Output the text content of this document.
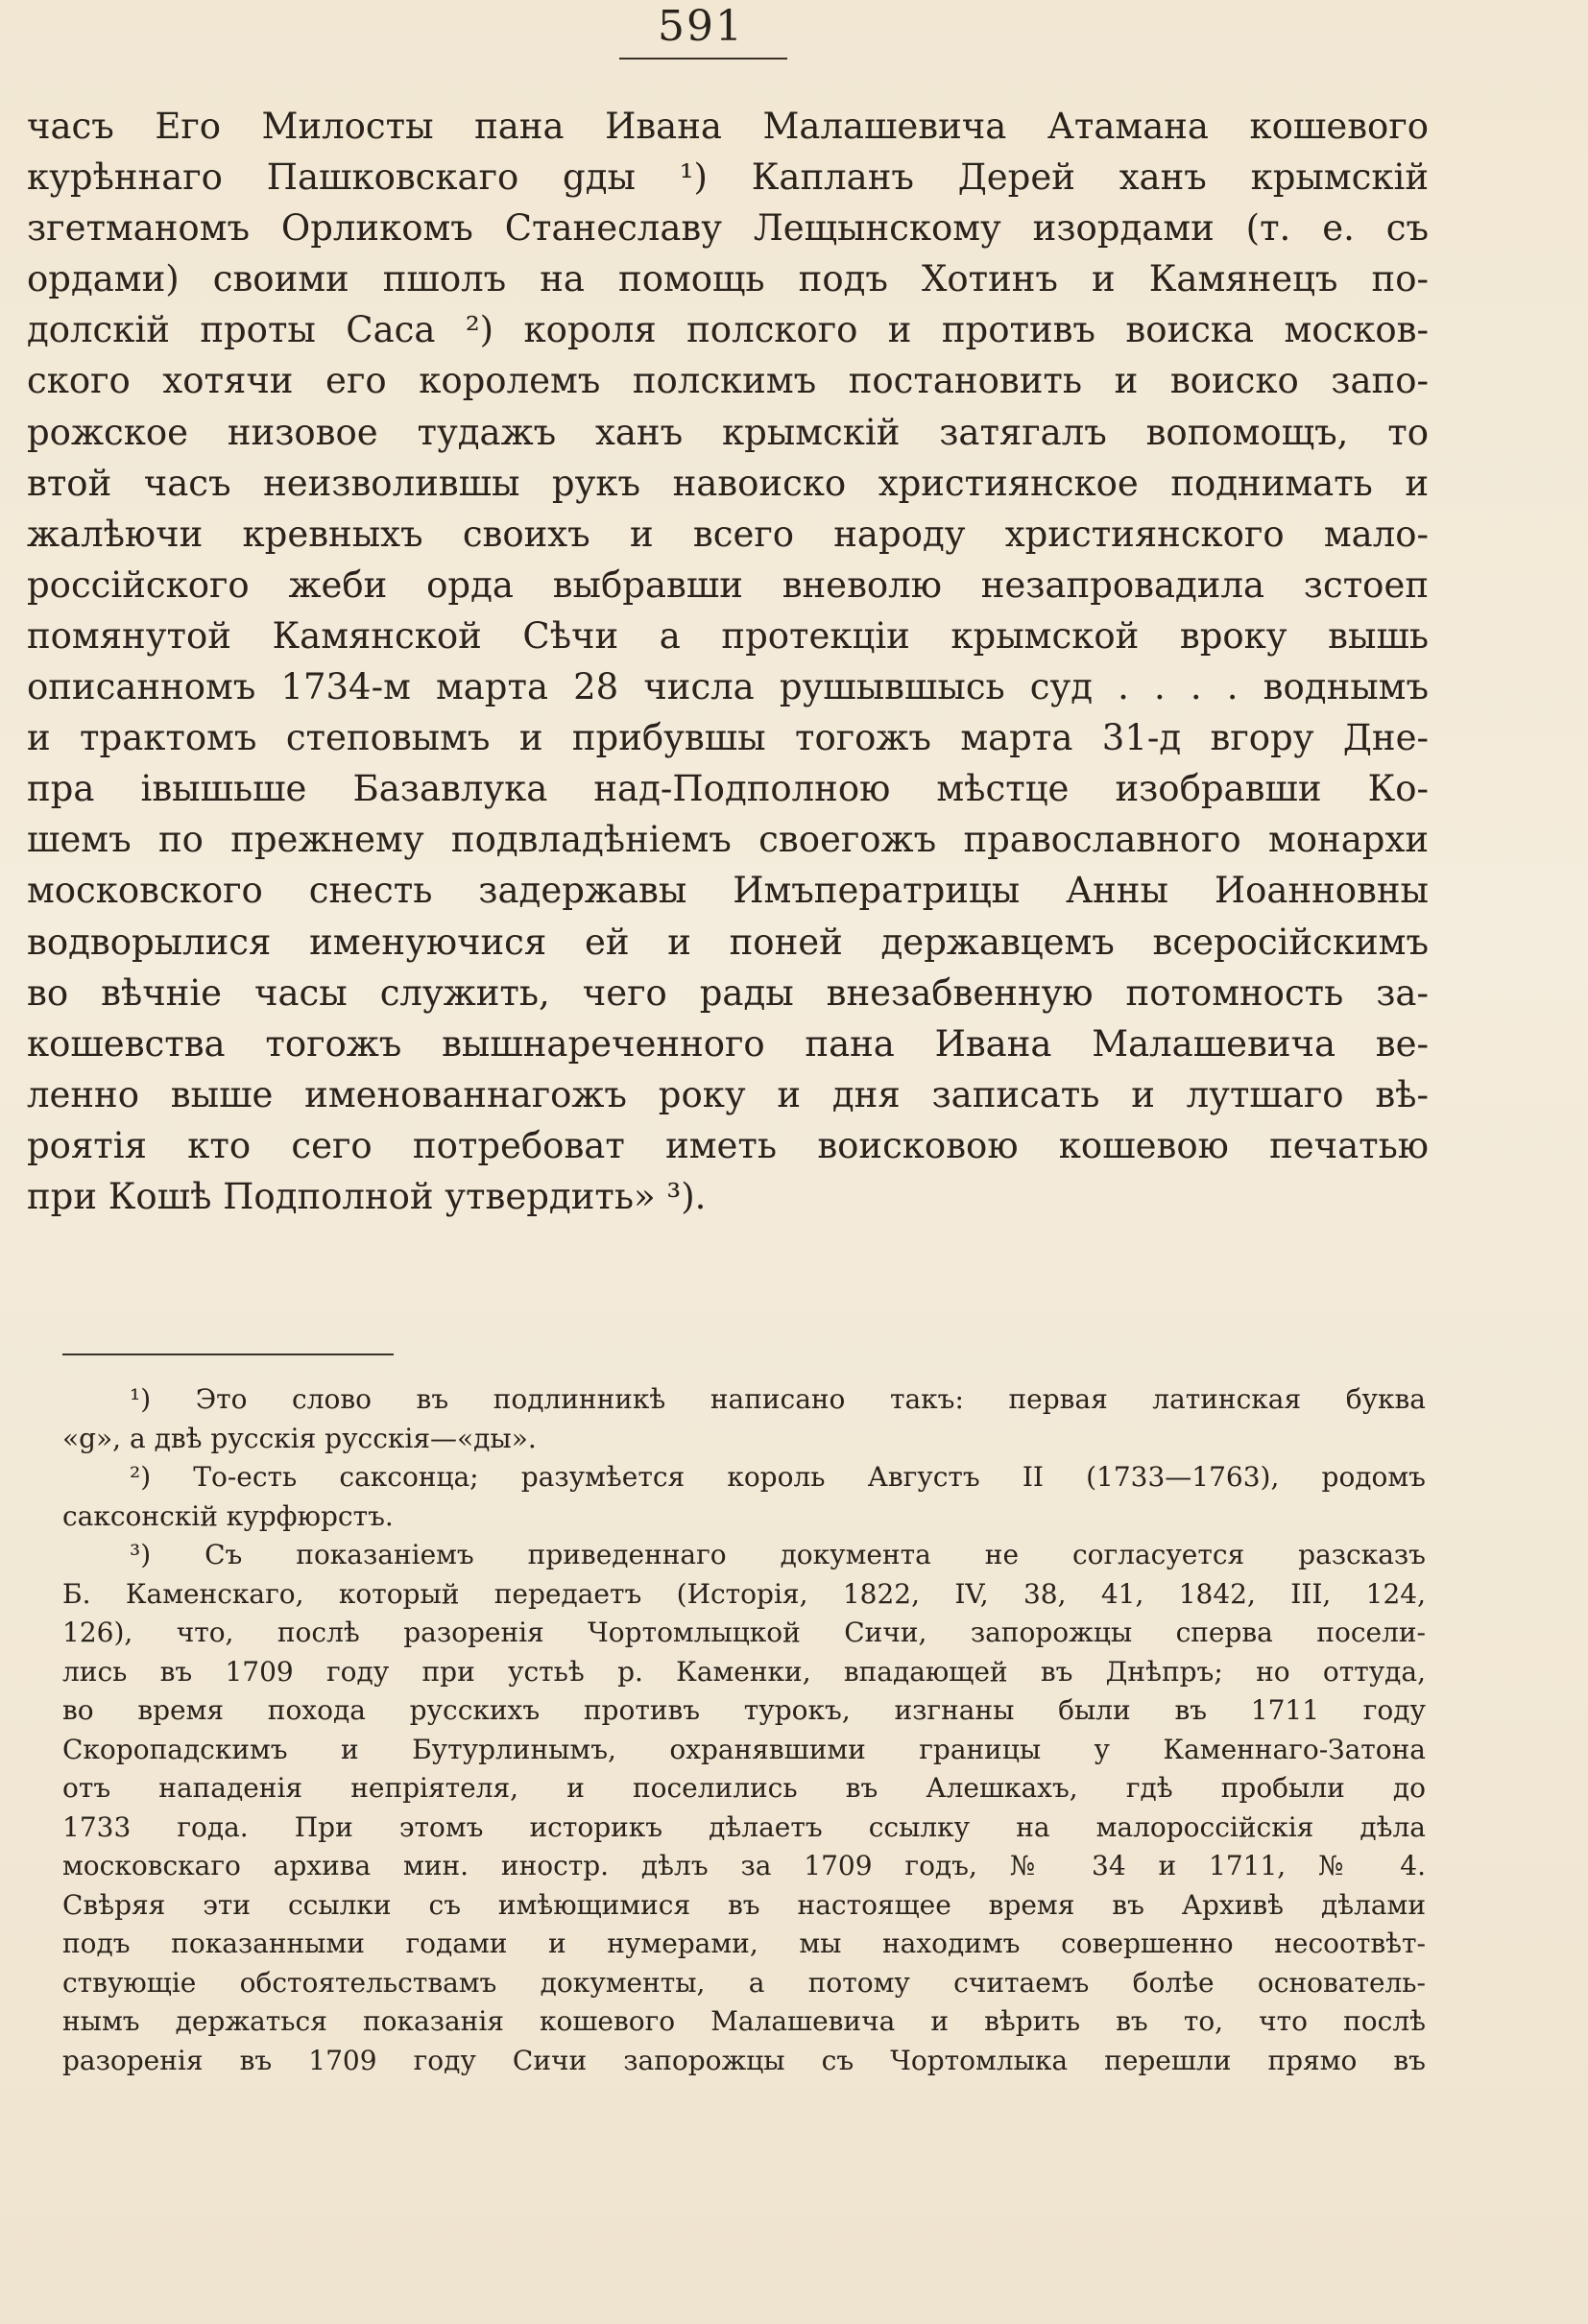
591
часъ Его Милосты пана Ивана Малашевича Атамана кошевого
курѣннаго Пашковскаго gды ¹) Капланъ Дерей ханъ крымскій
згетманомъ Орликомъ Станеславу Лещынскому изордами (т. е. съ
ордами) своими пшолъ на помощь подъ Хотинъ и Камянецъ по-
долскій проты Саса ²) короля полского и противъ воиска москов-
ского хотячи его королемъ полскимъ постановить и воиско запо-
рожское низовое тудажъ ханъ крымскій затягалъ вопомощъ, то
втой часъ неизволившы рукъ навоиско християнское поднимать и
жалѣючи кревныхъ своихъ и всего народу християнского мало-
россійского жеби орда выбравши вневолю незапровадила зстоеп
помянутой Камянской Сѣчи а протекціи крымской вроку вышь
описанномъ 1734-м марта 28 числа рушывшысь суд . . . . воднымъ
и трактомъ степовымъ и прибувшы тогожъ марта 31-д вгору Дне-
пра івышьше Базавлука над-Подполною мѣстце изобравши Ко-
шемъ по прежнему подвладѣніемъ своегожъ православного монархи
московского снесть задержавы Имъператрицы Анны Иоанновны
водворылися именуючися ей и поней державцемъ всеросійскимъ
во вѣчніе часы служить, чего рады внезабвенную потомность за-
кошевства тогожъ вышнареченного пана Ивана Малашевича ве-
ленно выше именованнагожъ року и дня записать и лутшаго вѣ-
роятія кто сего потребоват иметь воисковою кошевою печатью
при Кошѣ Подполной утвердить» ³).
¹) Это слово въ подлинникѣ написано такъ: первая латинская буква
«g», а двѣ русскія русскія—«ды».
²) То-есть саксонца; разумѣется король Августъ II (1733—1763), родомъ
саксонскій курфюрстъ.
³) Съ показаніемъ приведеннаго документа не согласуется разсказъ
Б. Каменскаго, который передаетъ (Исторія, 1822, IV, 38, 41, 1842, III, 124,
126), что, послѣ разоренія Чортомлыцкой Сичи, запорожцы сперва посели-
лись въ 1709 году при устьѣ р. Каменки, впадающей въ Днѣпръ; но оттуда,
во время похода русскихъ противъ турокъ, изгнаны были въ 1711 году
Скоропадскимъ и Бутурлинымъ, охранявшими границы у Каменнаго-Затона
отъ нападенія непріятеля, и поселились въ Алешкахъ, гдѣ пробыли до
1733 года. При этомъ историкъ дѣлаетъ ссылку на малороссійскія дѣла
московскаго архива мин. иностр. дѣлъ за 1709 годъ, № 34 и 1711, № 4.
Свѣряя эти ссылки съ имѣющимися въ настоящее время въ Архивѣ дѣлами
подъ показанными годами и нумерами, мы находимъ совершенно несоотвѣт-
ствующіе обстоятельствамъ документы, а потому считаемъ болѣе основатель-
нымъ держаться показанія кошевого Малашевича и вѣрить въ то, что послѣ
разоренія въ 1709 году Сичи запорожцы съ Чортомлыка перешли прямо въ
